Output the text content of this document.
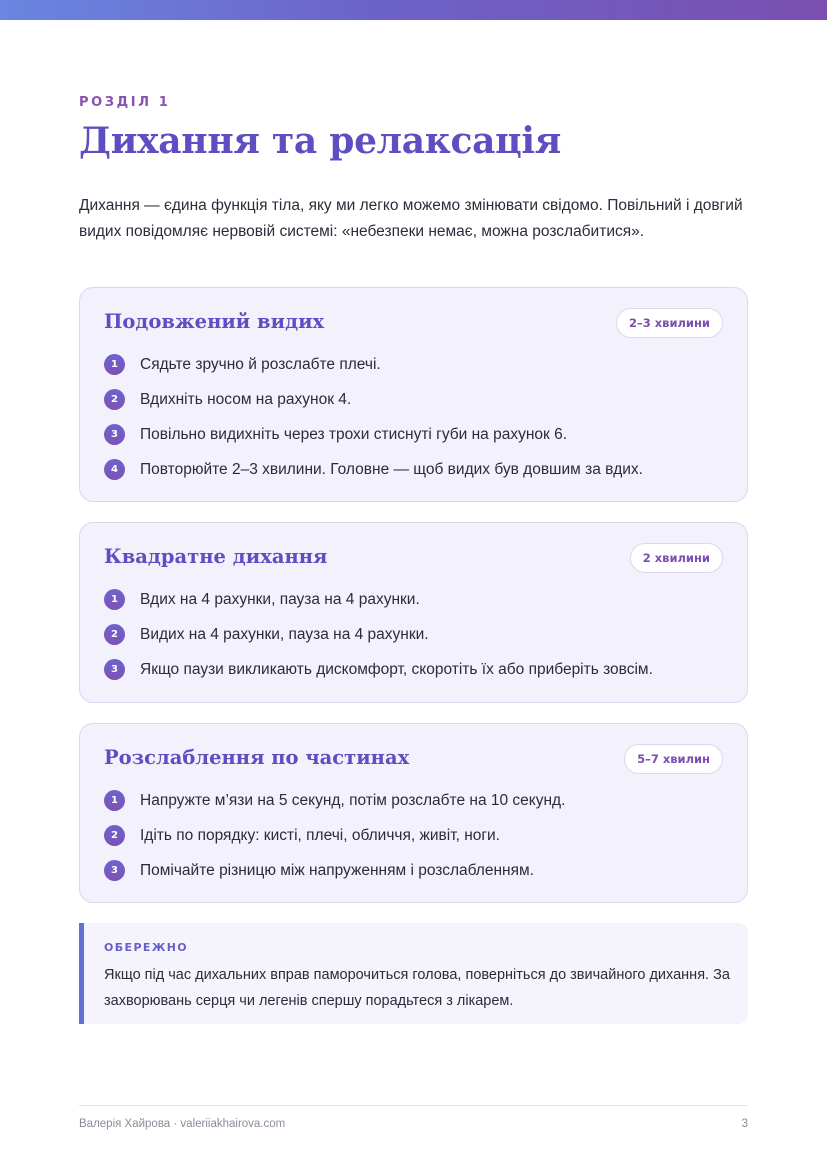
РОЗДІЛ 1
Дихання та релаксація

Дихання — єдина функція тіла, яку ми легко можемо змінювати свідомо. Повільний і довгий видих повідомляє нервовій системі: «небезпеки немає, можна розслабитися».

Подовжений видих	2–3 хвилини
1	Сядьте зручно й розслабте плечі.
2	Вдихніть носом на рахунок 4.
3	Повільно видихніть через трохи стиснуті губи на рахунок 6.
4	Повторюйте 2–3 хвилини. Головне — щоб видих був довшим за вдих.
Квадратне дихання	2 хвилини
1	Вдих на 4 рахунки, пауза на 4 рахунки.
2	Видих на 4 рахунки, пауза на 4 рахунки.
3	Якщо паузи викликають дискомфорт, скоротіть їх або приберіть зовсім.
Розслаблення по частинах	5–7 хвилин
1	Напружте м’язи на 5 секунд, потім розслабте на 10 секунд.
2	Ідіть по порядку: кисті, плечі, обличчя, живіт, ноги.
3	Помічайте різницю між напруженням і розслабленням.
ОБЕРЕЖНО

Якщо під час дихальних вправ паморочиться голова, поверніться до звичайного дихання. За захворювань серця чи легенів спершу порадьтеся з лікарем.

Валерія Хайрова · valeriiakhairova.com	3
